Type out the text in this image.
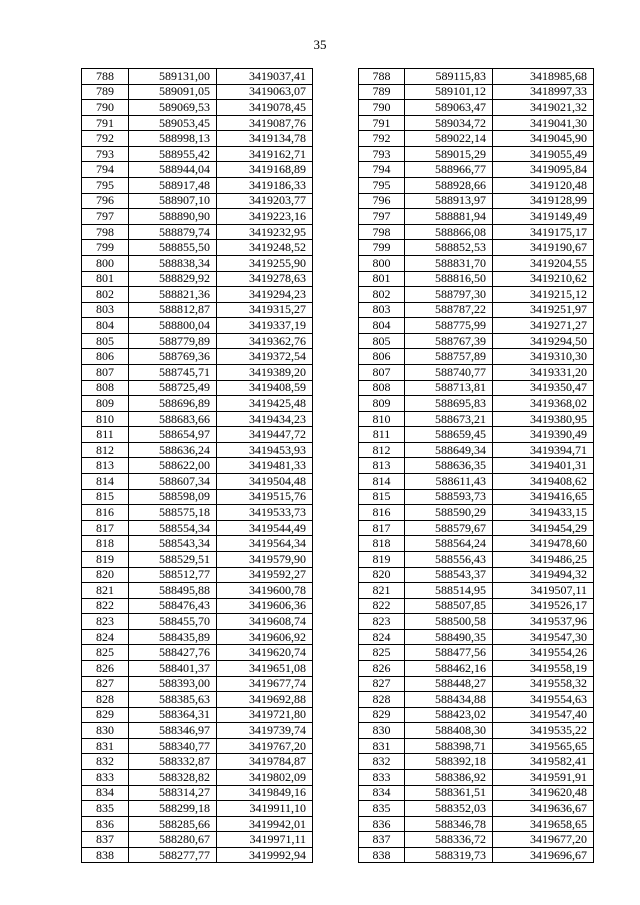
35
788	589131,00	3419037,41
789	589091,05	3419063,07
790	589069,53	3419078,45
791	589053,45	3419087,76
792	588998,13	3419134,78
793	588955,42	3419162,71
794	588944,04	3419168,89
795	588917,48	3419186,33
796	588907,10	3419203,77
797	588890,90	3419223,16
798	588879,74	3419232,95
799	588855,50	3419248,52
800	588838,34	3419255,90
801	588829,92	3419278,63
802	588821,36	3419294,23
803	588812,87	3419315,27
804	588800,04	3419337,19
805	588779,89	3419362,76
806	588769,36	3419372,54
807	588745,71	3419389,20
808	588725,49	3419408,59
809	588696,89	3419425,48
810	588683,66	3419434,23
811	588654,97	3419447,72
812	588636,24	3419453,93
813	588622,00	3419481,33
814	588607,34	3419504,48
815	588598,09	3419515,76
816	588575,18	3419533,73
817	588554,34	3419544,49
818	588543,34	3419564,34
819	588529,51	3419579,90
820	588512,77	3419592,27
821	588495,88	3419600,78
822	588476,43	3419606,36
823	588455,70	3419608,74
824	588435,89	3419606,92
825	588427,76	3419620,74
826	588401,37	3419651,08
827	588393,00	3419677,74
828	588385,63	3419692,88
829	588364,31	3419721,80
830	588346,97	3419739,74
831	588340,77	3419767,20
832	588332,87	3419784,87
833	588328,82	3419802,09
834	588314,27	3419849,16
835	588299,18	3419911,10
836	588285,66	3419942,01
837	588280,67	3419971,11
838	588277,77	3419992,94
788	589115,83	3418985,68
789	589101,12	3418997,33
790	589063,47	3419021,32
791	589034,72	3419041,30
792	589022,14	3419045,90
793	589015,29	3419055,49
794	588966,77	3419095,84
795	588928,66	3419120,48
796	588913,97	3419128,99
797	588881,94	3419149,49
798	588866,08	3419175,17
799	588852,53	3419190,67
800	588831,70	3419204,55
801	588816,50	3419210,62
802	588797,30	3419215,12
803	588787,22	3419251,97
804	588775,99	3419271,27
805	588767,39	3419294,50
806	588757,89	3419310,30
807	588740,77	3419331,20
808	588713,81	3419350,47
809	588695,83	3419368,02
810	588673,21	3419380,95
811	588659,45	3419390,49
812	588649,34	3419394,71
813	588636,35	3419401,31
814	588611,43	3419408,62
815	588593,73	3419416,65
816	588590,29	3419433,15
817	588579,67	3419454,29
818	588564,24	3419478,60
819	588556,43	3419486,25
820	588543,37	3419494,32
821	588514,95	3419507,11
822	588507,85	3419526,17
823	588500,58	3419537,96
824	588490,35	3419547,30
825	588477,56	3419554,26
826	588462,16	3419558,19
827	588448,27	3419558,32
828	588434,88	3419554,63
829	588423,02	3419547,40
830	588408,30	3419535,22
831	588398,71	3419565,65
832	588392,18	3419582,41
833	588386,92	3419591,91
834	588361,51	3419620,48
835	588352,03	3419636,67
836	588346,78	3419658,65
837	588336,72	3419677,20
838	588319,73	3419696,67
